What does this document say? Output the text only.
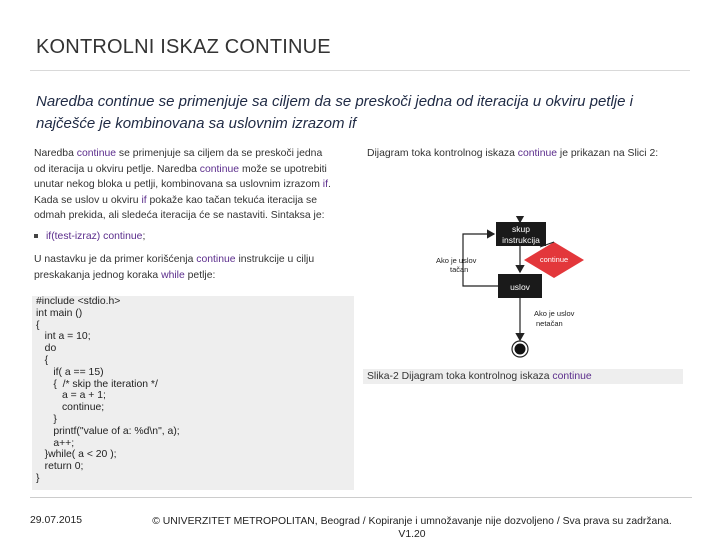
KONTROLNI ISKAZ CONTINUE
Naredba continue se primenjuje sa ciljem da se preskoči jedna od iteracija u okviru petlje i
najčešće je kombinovana sa uslovnim izrazom if
Naredba continue se primenjuje sa ciljem da se preskoči jedna
od iteracija u okviru petlje. Naredba continue može se upotrebiti
unutar nekog bloka u petlji, kombinovana sa uslovnim izrazom if.
Kada se uslov u okviru if pokaže kao tačan tekuća iteracija se
odmah prekida, ali sledeća iteracija će se nastaviti. Sintaksa je:
if(test-izraz) continue;
U nastavku je da primer korišćenja continue instrukcije u cilju
preskakanja jednog koraka while petlje:
#include <stdio.h>
int main ()
{
int a = 10;
do
{
if( a == 15)
{  /* skip the iteration */
a = a + 1;
continue;
}
printf("value of a: %d\n", a);
a++;
}while( a < 20 );
return 0;
}
Dijagram toka kontrolnog iskaza continue je prikazan na Slici 2:
skup
instrukcija
uslov
Ako je uslov
tačan
continue
Ako je uslov
netačan
Slika-2 Dijagram toka kontrolnog iskaza continue
29.07.2015	© UNIVERZITET METROPOLITAN, Beograd / Kopiranje i umnožavanje nije dozvoljeno / Sva prava su zadržana.
V1.20
